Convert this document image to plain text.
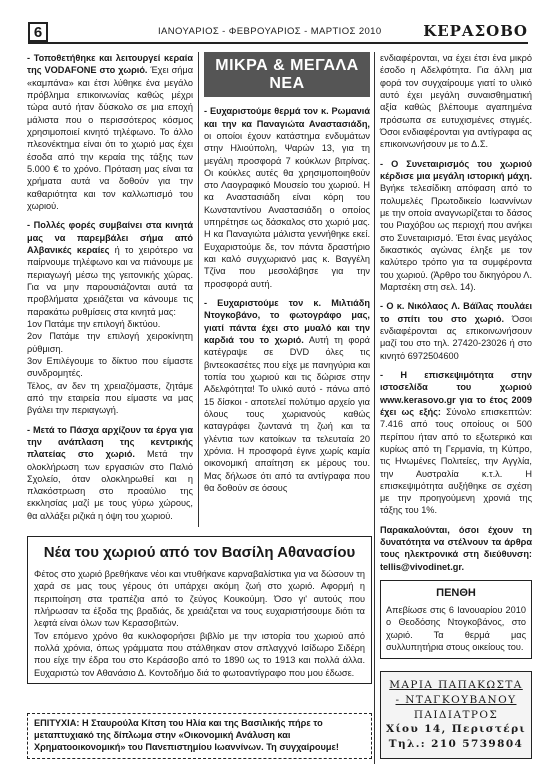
6	ΙΑΝΟΥΑΡΙΟΣ - ΦΕΒΡΟΥΑΡΙΟΣ - ΜΑΡΤΙΟΣ 2010	ΚΕΡΑΣΟΒΟ

- Τοποθετήθηκε και λειτουργεί κεραία της VODAFONE στο χωριό. Έχει σήμα «καμπάνα» και έτσι λύθηκε ένα μεγάλο πρόβλημα επικοινωνίας καθώς μέχρι τώρα αυτό ήταν δύσκολο σε μια εποχή μάλιστα που ο περισσότερος κόσμος χρησιμοποιεί κινητό τηλέφωνο. Το άλλο πλεονέκτημα είναι ότι το χωριό μας έχει έσοδα από την κεραία της τάξης των 5.000 € το χρόνο. Πρόταση μας είναι τα χρήματα αυτά να δοθούν για την καθαριότητα και τον καλλωπισμό του χωριού.

- Πολλές φορές συμβαίνει στα κινητά μας να παρεμβάλει σήμα από Αλβανικές κεραίες ή το χειρότερο να παίρνουμε τηλέφωνο και να πιάνουμε με περιαγωγή μέσω της γειτονικής χώρας. Για να μην παρουσιάζονται αυτά τα προβλήματα χρειάζεται να κάνουμε τις παρακάτω ρυθμίσεις στα κινητά μας:
1ον Πατάμε την επιλογή δικτύου.
2ον Πατάμε την επιλογή χειροκίνητη ρύθμιση.
3ον Επιλέγουμε το δίκτυο που είμαστε συνδρομητές.
Τέλος, αν δεν τη χρειαζόμαστε, ζητάμε από την εταιρεία που είμαστε να μας βγάλει την περιαγωγή.

- Μετά το Πάσχα αρχίζουν τα έργα για την ανάπλαση της κεντρικής πλατείας στο χωριό. Μετά την ολοκλήρωση των εργασιών στο Παλιό Σχολείο, όταν ολοκληρωθεί και η πλακόστρωση στο προαύλιο της εκκλησίας μαζί με τους γύρω χώρους, θα αλλάξει ριζικά η όψη του χωριού.

ΜΙΚΡΑ & ΜΕΓΑΛΑ ΝΕΑ

- Ευχαριστούμε θερμά τον κ. Ρωμανιά και την κα Παναγιώτα Αναστασιάδη, οι οποίοι έχουν κατάστημα ενδυμάτων στην Ηλιούπολη, Ψαρών 13, για τη μεγάλη προσφορά 7 κούκλων βιτρίνας. Οι κούκλες αυτές θα χρησιμοποιηθούν στο Λαογραφικό Μουσείο του χωριού. Η κα Αναστασιάδη είναι κόρη του Κωνσταντίνου Αναστασιάδη ο οποίος υπηρέτησε ως δάσκαλος στο χωριό μας. Η κα Παναγιώτα μάλιστα γεννήθηκε εκεί. Ευχαριστούμε δε, τον πάντα δραστήριο και καλό συγχωριανό μας κ. Βαγγέλη Τζίνα που μεσολάβησε για την προσφορά αυτή.

- Ευχαριστούμε τον κ. Μιλτιάδη Ντογκοβάνο, το φωτογράφο μας, γιατί πάντα έχει στο μυαλό και την καρδιά του το χωριό. Αυτή τη φορά κατέγραψε σε DVD όλες τις βιντεοκασέτες που είχε με πανηγύρια και τοπία του χωριού και τις δώρισε στην Αδελφότητα! Το υλικό αυτό - πάνω από 15 δίσκοι - αποτελεί πολύτιμο αρχείο για όλους τους χωριανούς καθώς καταγράφει ζωντανά τη ζωή και τα γλέντια των κατοίκων τα τελευταία 20 χρόνια. Η προσφορά έγινε χωρίς καμία οικονομική απαίτηση εκ μέρους του. Μας δήλωσε ότι από τα αντίγραφα που θα δοθούν σε όσους

ενδιαφέρονται, να έχει έτσι ένα μικρό έσοδο η Αδελφότητα. Για άλλη μια φορά τον συγχαίρουμε γιατί το υλικό αυτό έχει μεγάλη συναισθηματική αξία καθώς βλέπουμε αγαπημένα πρόσωπα σε ευτυχισμένες στιγμές. Όσοι ενδιαφέρονται για αντίγραφα ας επικοινωνήσουν με το Δ.Σ.

- Ο Συνεταιρισμός του χωριού κέρδισε μια μεγάλη ιστορική μάχη. Βγήκε τελεσίδικη απόφαση από το πολυμελές Πρωτοδικείο Ιωαννίνων με την οποία αναγνωρίζεται το δάσος του Ριαχόβου ως περιοχή που ανήκει στο Συνεταιρισμό. Έτσι ένας μεγάλος δικαστικός αγώνας έληξε με τον καλύτερο τρόπο για τα συμφέροντα του χωριού. (Άρθρο του δικηγόρου Λ. Μαρτσέκη στη σελ. 14).

- Ο κ. Νικόλαος Λ. Βάϊλας πουλάει το σπίτι του στο χωριό. Όσοι ενδιαφέρονται ας επικοινωνήσουν μαζί του στο τηλ. 27420-23026 ή στο κινητό 6972504600

- Η επισκεψιμότητα στην ιστοσελίδα του χωριού www.kerasovo.gr για το έτος 2009 έχει ως εξής: Σύνολο επισκεπτών: 7.416 από τους οποίους οι 500 περίπου ήταν από το εξωτερικό και κυρίως από τη Γερμανία, τη Κύπρο, τις Ηνωμένες Πολιτείες, την Αγγλία, την Αυστραλία κ.τ.λ. Η επισκεψιμότητα αυξήθηκε σε σχέση με την προηγούμενη χρονιά της τάξης του 1%.

Παρακαλούνται, όσοι έχουν τη δυνατότητα να στέλνουν τα άρθρα τους ηλεκτρονικά στη διεύθυνση: tellis@vivodinet.gr.

ΠΕΝΘΗ
Απεβίωσε στις 6 Ιανουαρίου 2010 ο Θεοδόσης Ντογκοβάνος, στο χωριό. Τα θερμά μας συλλυπητήρια στους οικείους του.
ΜΑΡΙΑ ΠΑΠΑΚΩΣΤΑ - ΝΤΑΓΚΟΥΒΑΝΟΥ
ΠΑΙΔΙΑΤΡΟΣ
Χίου 14, Περιστέρι
Τηλ.: 210 5739804
Νέα του χωριού από τον Βασίλη Αθανασίου

Φέτος στο χωριό βρεθήκανε νέοι και ντυθήκανε καρναβαλίστικα για να δώσουν τη χαρά σε μας τους γέρους ότι υπάρχει ακόμη ζωή στο χωριό. Αφορμή η περιποίηση στα τραπέζια από το ζεύγος Κουκούμη. Όσο γι' αυτούς που πλήρωσαν τα έξοδα της βραδιάς, δε χρειάζεται να τους ευχαριστήσουμε διότι τα λεφτά είναι όλων των Κερασοβιτών.

Τον επόμενο χρόνο θα κυκλοφορήσει βιβλίο με την ιστορία του χωριού από πολλά χρόνια, όπως γράμματα που στάλθηκαν στον σπλαγχνό Ισίδωρο Σιδέρη που είχε την έδρα του στο Κεράσοβο από το 1890 ως το 1913 και πολλά άλλα. Ευχαριστώ τον Αθανάσιο Δ. Κοντοδήμο διά το φωτοαντίγραφο που μου έδωσε.

ΕΠΙΤΥΧΙΑ: Η Σταυρούλα Κίτση του Ηλία και της Βασιλικής πήρε το μεταπτυχιακό της δίπλωμα στην «Οικονομική Ανάλυση και Χρηματοοικονομική» του Πανεπιστημίου Ιωαννίνων. Τη συγχαίρουμε!
